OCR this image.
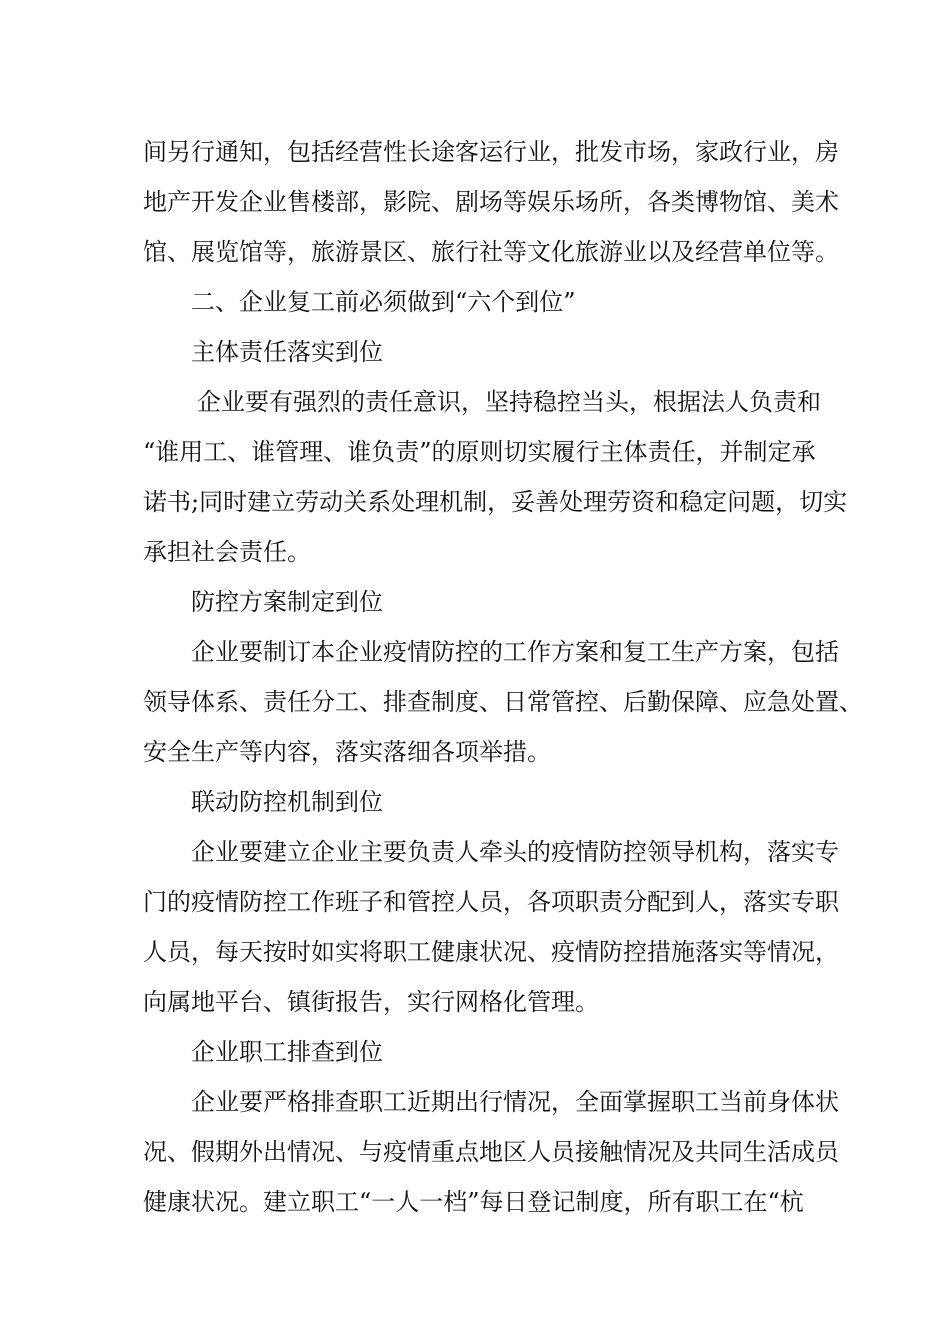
间另行通知，包括经营性长途客运行业，批发市场，家政行业，房
地产开发企业售楼部，影院、剧场等娱乐场所，各类博物馆、美术
馆、展览馆等，旅游景区、旅行社等文化旅游业以及经营单位等。
二、企业复工前必须做到“六个到位”
主体责任落实到位
企业要有强烈的责任意识，坚持稳控当头，根据法人负责和
“谁用工、谁管理、谁负责”的原则切实履行主体责任，并制定承
诺书;同时建立劳动关系处理机制，妥善处理劳资和稳定问题，切实
承担社会责任。
防控方案制定到位
企业要制订本企业疫情防控的工作方案和复工生产方案，包括
领导体系、责任分工、排查制度、日常管控、后勤保障、应急处置、
安全生产等内容，落实落细各项举措。
联动防控机制到位
企业要建立企业主要负责人牵头的疫情防控领导机构，落实专
门的疫情防控工作班子和管控人员，各项职责分配到人，落实专职
人员，每天按时如实将职工健康状况、疫情防控措施落实等情况，
向属地平台、镇街报告，实行网格化管理。
企业职工排查到位
企业要严格排查职工近期出行情况，全面掌握职工当前身体状
况、假期外出情况、与疫情重点地区人员接触情况及共同生活成员
健康状况。建立职工“一人一档”每日登记制度，所有职工在“杭
